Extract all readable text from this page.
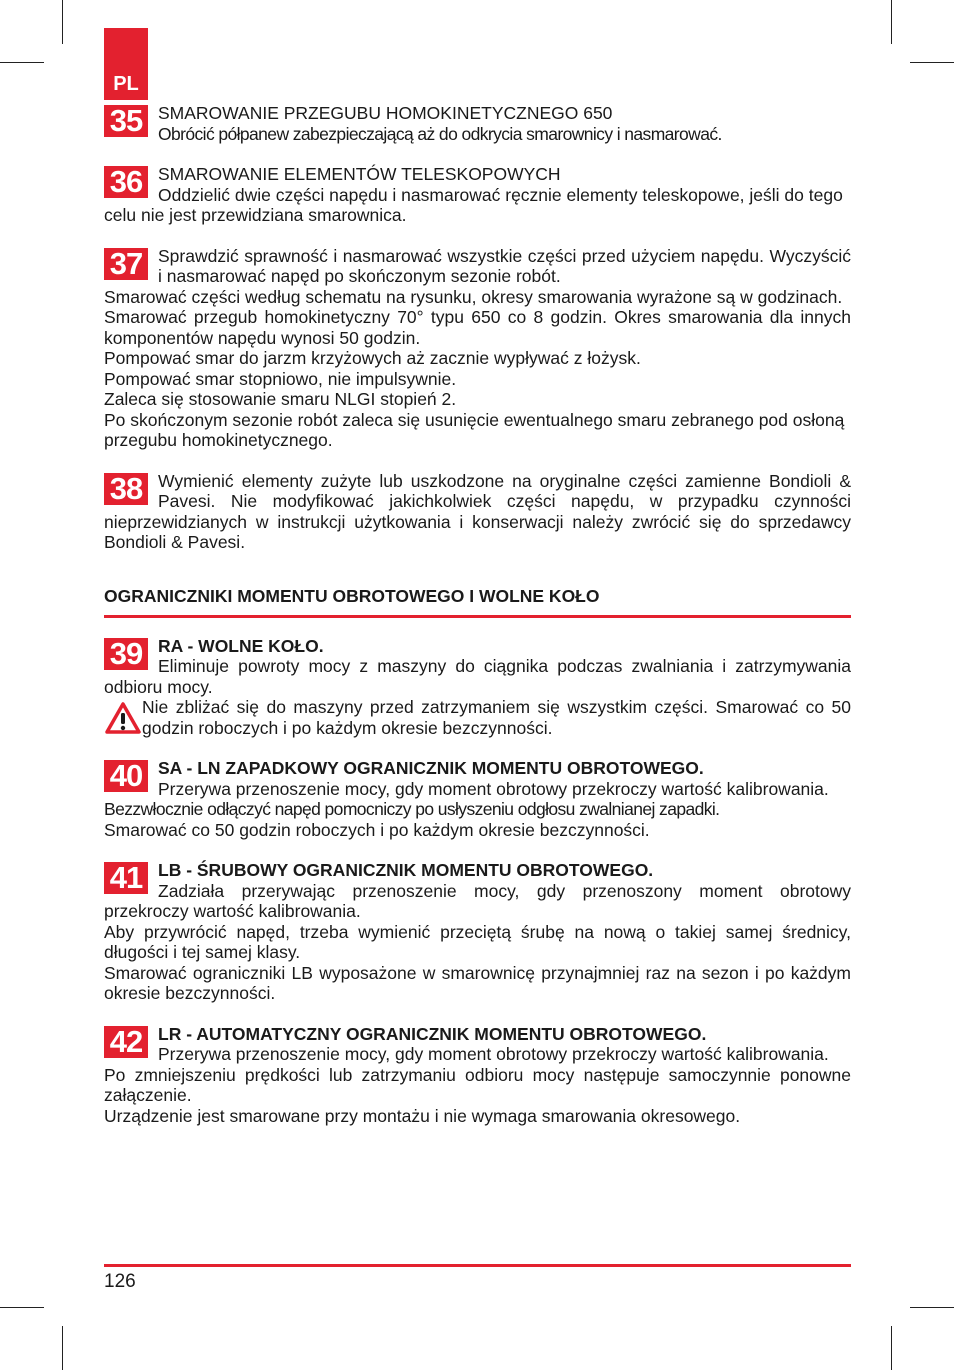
PL
35 SMAROWANIE PRZEGUBU HOMOKINETYCZNEGO 650
Obrócić półpanew zabezpieczającą aż do odkrycia smarownicy i nasmarować.
36 SMAROWANIE ELEMENTÓW TELESKOPOWYCH
Oddzielić dwie części napędu i nasmarować ręcznie elementy teleskopowe, jeśli do tego celu nie jest przewidziana smarownica.
37 Sprawdzić sprawność i nasmarować wszystkie części przed użyciem napędu. Wyczyścić i nasmarować napęd po skończonym sezonie robót.
Smarować części według schematu na rysunku, okresy smarowania wyrażone są w godzinach.
Smarować przegub homokinetyczny 70° typu 650 co 8 godzin. Okres smarowania dla innych komponentów napędu wynosi 50 godzin.
Pompować smar do jarzm krzyżowych aż zacznie wypływać z łożysk.
Pompować smar stopniowo, nie impulsywnie.
Zaleca się stosowanie smaru NLGI stopień 2.
Po skończonym sezonie robót zaleca się usunięcie ewentualnego smaru zebranego pod osłoną przegubu homokinetycznego.
38 Wymienić elementy zużyte lub uszkodzone na oryginalne części zamienne Bondioli & Pavesi. Nie modyfikować jakichkolwiek części napędu, w przypadku czynności nieprzewidzianych w instrukcji użytkowania i konserwacji należy zwrócić się do sprzedawcy Bondioli & Pavesi.
OGRANICZNIKI MOMENTU OBROTOWEGO I WOLNE KOŁO
39 RA - WOLNE KOŁO.
Eliminuje powroty mocy z maszyny do ciągnika podczas zwalniania i zatrzymywania odbioru mocy.
Nie zbliżać się do maszyny przed zatrzymaniem się wszystkim części. Smarować co 50 godzin roboczych i po każdym okresie bezczynności.
40 SA - LN ZAPADKOWY OGRANICZNIK MOMENTU OBROTOWEGO.
Przerywa przenoszenie mocy, gdy moment obrotowy przekroczy wartość kalibrowania.
Bezzwłocznie odłączyć napęd pomocniczy po usłyszeniu odgłosu zwalnianej zapadki.
Smarować co 50 godzin roboczych i po każdym okresie bezczynności.
41 LB - ŚRUBOWY OGRANICZNIK MOMENTU OBROTOWEGO.
Zadziała przerywając przenoszenie mocy, gdy przenoszony moment obrotowy przekroczy wartość kalibrowania.
Aby przywrócić napęd, trzeba wymienić przeciętą śrubę na nową o takiej samej średnicy, długości i tej samej klasy.
Smarować ograniczniki LB wyposażone w smarownicę przynajmniej raz na sezon i po każdym okresie bezczynności.
42 LR - AUTOMATYCZNY OGRANICZNIK MOMENTU OBROTOWEGO.
Przerywa przenoszenie mocy, gdy moment obrotowy przekroczy wartość kalibrowania.
Po zmniejszeniu prędkości lub zatrzymaniu odbioru mocy następuje samoczynnie ponowne załączenie.
Urządzenie jest smarowane przy montażu i nie wymaga smarowania okresowego.
126
